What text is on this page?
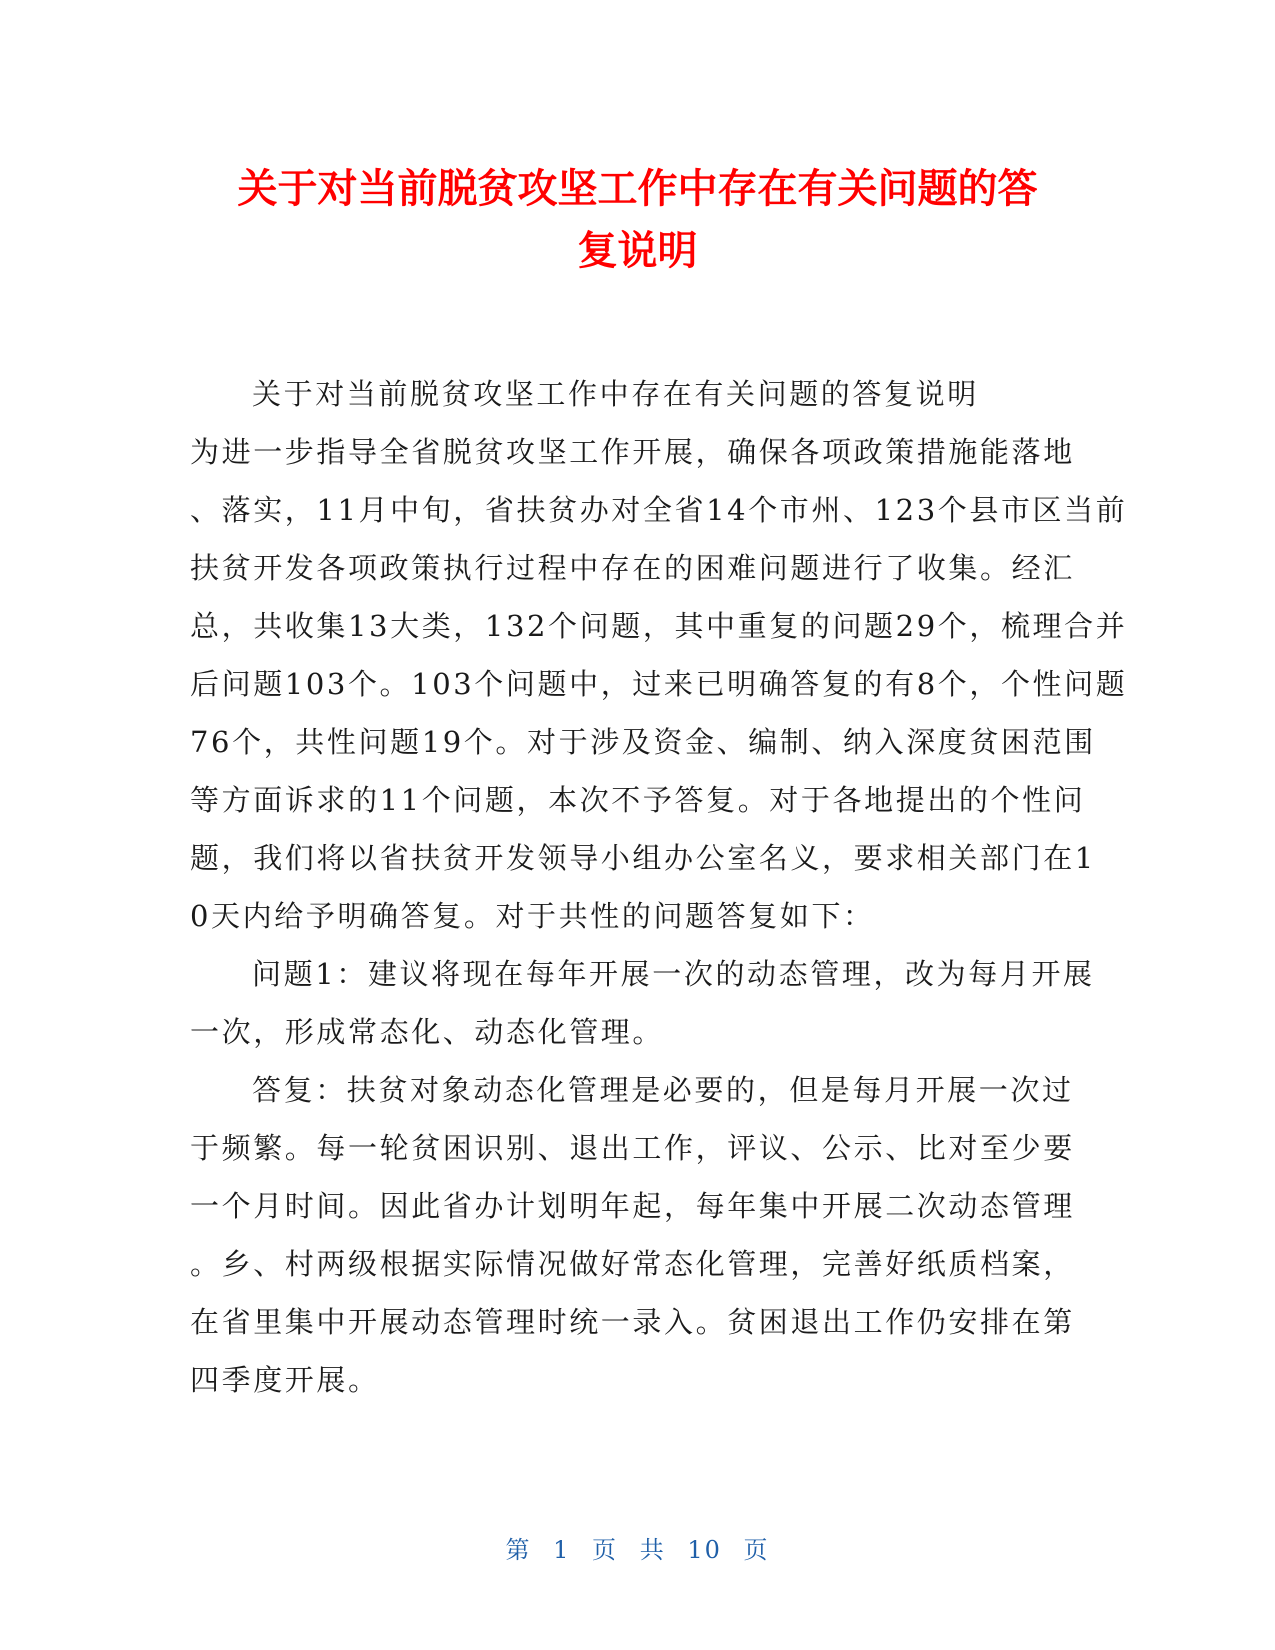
关于对当前脱贫攻坚工作中存在有关问题的答
复说明
关于对当前脱贫攻坚工作中存在有关问题的答复说明
为进一步指导全省脱贫攻坚工作开展，确保各项政策措施能落地
、落实，11月中旬，省扶贫办对全省14个市州、123个县市区当前
扶贫开发各项政策执行过程中存在的困难问题进行了收集。经汇
总，共收集13大类，132个问题，其中重复的问题29个，梳理合并
后问题103个。103个问题中，过来已明确答复的有8个，个性问题
76个，共性问题19个。对于涉及资金、编制、纳入深度贫困范围
等方面诉求的11个问题，本次不予答复。对于各地提出的个性问
题，我们将以省扶贫开发领导小组办公室名义，要求相关部门在1
0天内给予明确答复。对于共性的问题答复如下：
问题1：建议将现在每年开展一次的动态管理，改为每月开展
一次，形成常态化、动态化管理。
答复：扶贫对象动态化管理是必要的，但是每月开展一次过
于频繁。每一轮贫困识别、退出工作，评议、公示、比对至少要
一个月时间。因此省办计划明年起，每年集中开展二次动态管理
。乡、村两级根据实际情况做好常态化管理，完善好纸质档案，
在省里集中开展动态管理时统一录入。贫困退出工作仍安排在第
四季度开展。
第 1 页 共 10 页
